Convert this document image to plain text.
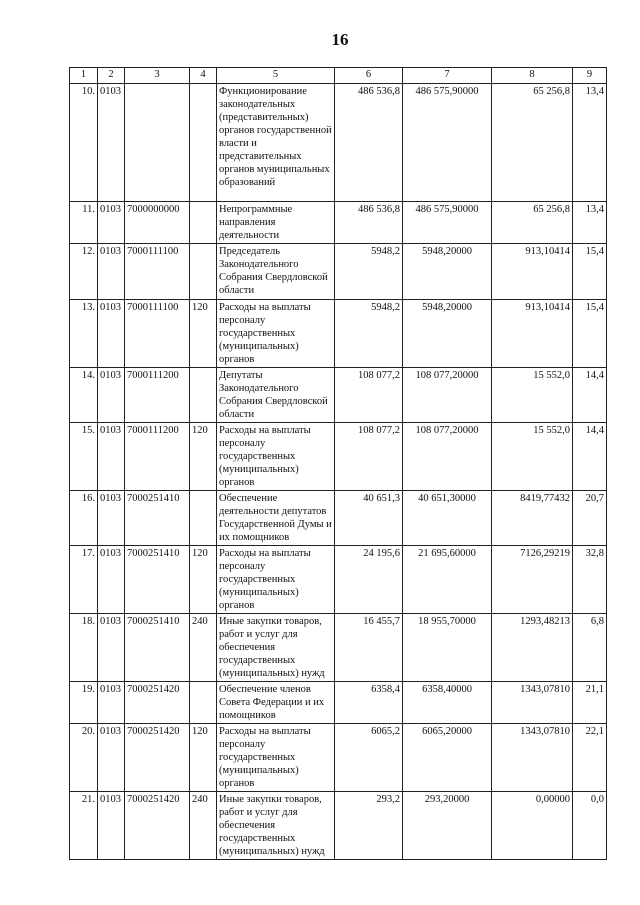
16
1	2	3	4	5	6	7	8	9
10.	0103			Функционирование законодательных (представительных) органов государственной власти и представительных органов муниципальных образований	486 536,8	486 575,90000	65 256,8	13,4
11.	0103	7000000000		Непрограммные направления деятельности	486 536,8	486 575,90000	65 256,8	13,4
12.	0103	7000111100		Председатель Законодательного Собрания Свердловской области	5948,2	5948,20000	913,10414	15,4
13.	0103	7000111100	120	Расходы на выплаты персоналу государственных (муниципальных) органов	5948,2	5948,20000	913,10414	15,4
14.	0103	7000111200		Депутаты Законодательного Собрания Свердловской области	108 077,2	108 077,20000	15 552,0	14,4
15.	0103	7000111200	120	Расходы на выплаты персоналу государственных (муниципальных) органов	108 077,2	108 077,20000	15 552,0	14,4
16.	0103	7000251410		Обеспечение деятельности депутатов Государственной Думы и их помощников	40 651,3	40 651,30000	8419,77432	20,7
17.	0103	7000251410	120	Расходы на выплаты персоналу государственных (муниципальных) органов	24 195,6	21 695,60000	7126,29219	32,8
18.	0103	7000251410	240	Иные закупки товаров, работ и услуг для обеспечения государственных (муниципальных) нужд	16 455,7	18 955,70000	1293,48213	6,8
19.	0103	7000251420		Обеспечение членов Совета Федерации и их помощников	6358,4	6358,40000	1343,07810	21,1
20.	0103	7000251420	120	Расходы на выплаты персоналу государственных (муниципальных) органов	6065,2	6065,20000	1343,07810	22,1
21.	0103	7000251420	240	Иные закупки товаров, работ и услуг для обеспечения государственных (муниципальных) нужд	293,2	293,20000	0,00000	0,0
